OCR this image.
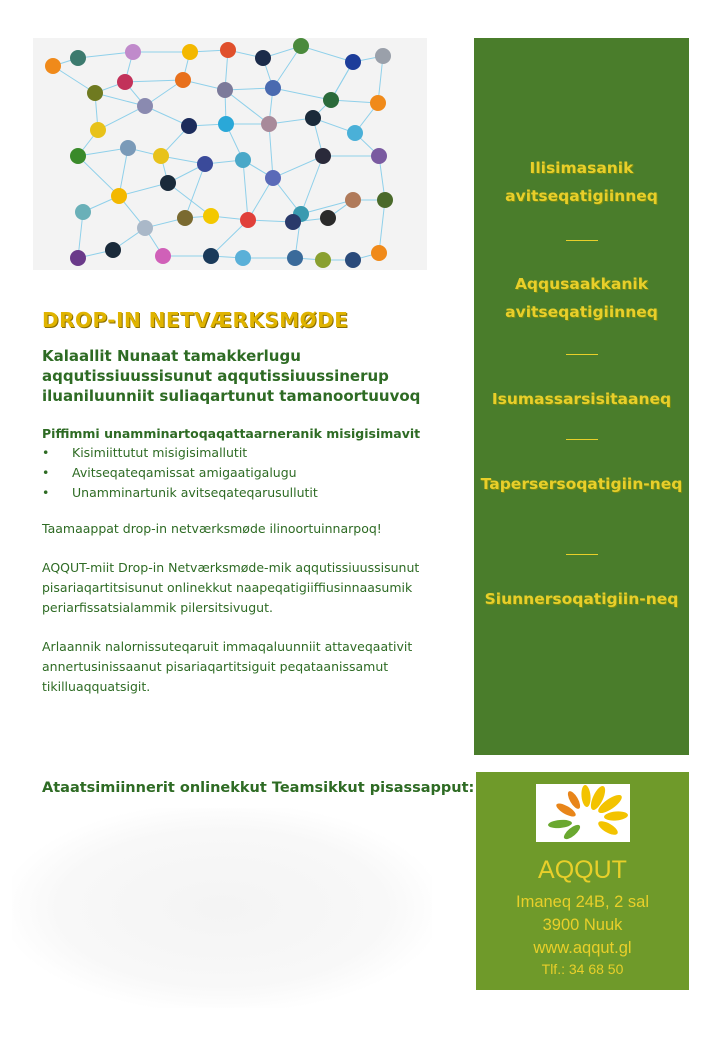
DROP-IN NETVÆRKSMØDE
Kalaallit Nunaat tamakkerlugu aqqutissiuussisunut aqqutissiuussinerup iluaniluunniit suliaqartunut tamanoortuuvoq
Piffimmi unamminartoqaqattaarneranik misigisimavit
• Kisimiittutut misigisimallutit
• Avitseqateqamissat amigaatigalugu
• Unamminartunik avitseqateqarusullutit

Taamaappat drop-in netværksmøde ilinoortuinnarpoq!

AQQUT-miit Drop-in Netværksmøde-mik aqqutissiuussisunut pisariaqartitsisunut onlinekkut naapeqatigiiffiusinnaasumik periarfissatsialammik pilersitsivugut.

Arlaannik nalornissuteqaruit immaqaluunniit attaveqaativit annertusinissaanut pisariaqartitsiguit peqataanissamut tikilluaqquatsigit.

Ataatsimiinnerit onlinekkut Teamsikkut pisassapput:
Ilisimasanik avitseqatigiinneq
Aqqusaakkanik avitseqatigiinneq
Isumassarsisitaaneq
Tapersersoqatigiin-neq
Siunnersoqatigiin-neq

AQQUT

Imaneq 24B, 2 sal

3900 Nuuk

www.aqqut.gl

Tlf.: 34 68 50
